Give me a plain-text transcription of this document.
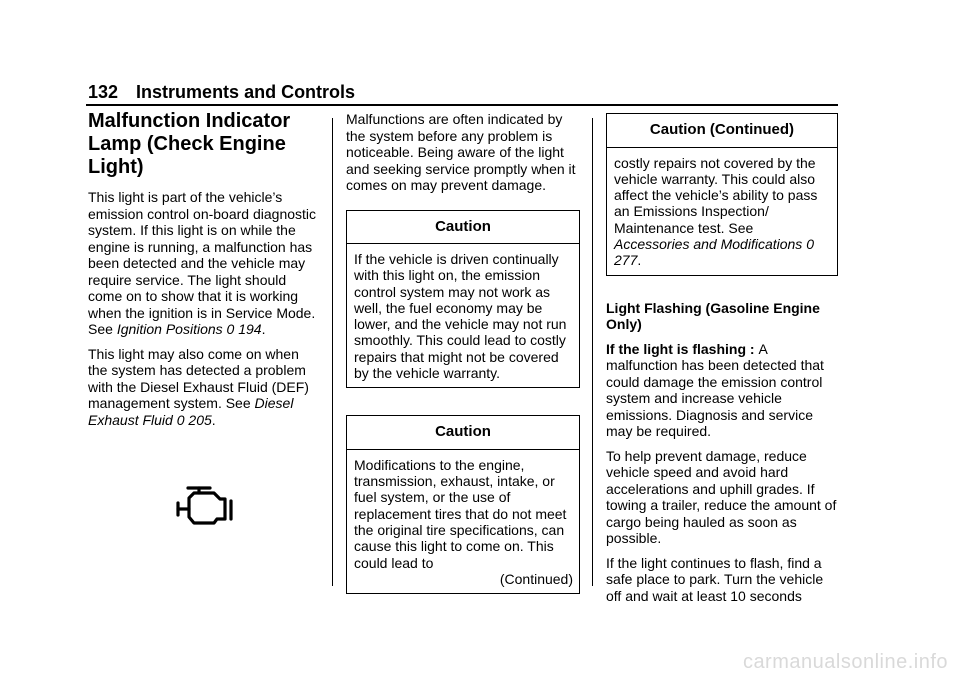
132 Instruments and Controls
Malfunction Indicator Lamp (Check Engine Light)

This light is part of the vehicle’s emission control on-board diagnostic system. If this light is on while the engine is running, a malfunction has been detected and the vehicle may require service. The light should come on to show that it is working when the ignition is in Service Mode. See Ignition Positions 0 194.

This light may also come on when the system has detected a problem with the Diesel Exhaust Fluid (DEF) management system. See Diesel Exhaust Fluid 0 205.

Malfunctions are often indicated by the system before any problem is noticeable. Being aware of the light and seeking service promptly when it comes on may prevent damage.

Caution
If the vehicle is driven continually with this light on, the emission control system may not work as well, the fuel economy may be lower, and the vehicle may not run smoothly. This could lead to costly repairs that might not be covered by the vehicle warranty.
Caution
Modifications to the engine, transmission, exhaust, intake, or fuel system, or the use of replacement tires that do not meet the original tire specifications, can cause this light to come on. This could lead to
(Continued)
Caution (Continued)
costly repairs not covered by the vehicle warranty. This could also affect the vehicle’s ability to pass an Emissions Inspection/ Maintenance test. See Accessories and Modifications 0 277.
Light Flashing (Gasoline Engine Only)

If the light is flashing : A malfunction has been detected that could damage the emission control system and increase vehicle emissions. Diagnosis and service may be required.

To help prevent damage, reduce vehicle speed and avoid hard accelerations and uphill grades. If towing a trailer, reduce the amount of cargo being hauled as soon as possible.

If the light continues to flash, find a safe place to park. Turn the vehicle off and wait at least 10 seconds

carmanualsonline.info
